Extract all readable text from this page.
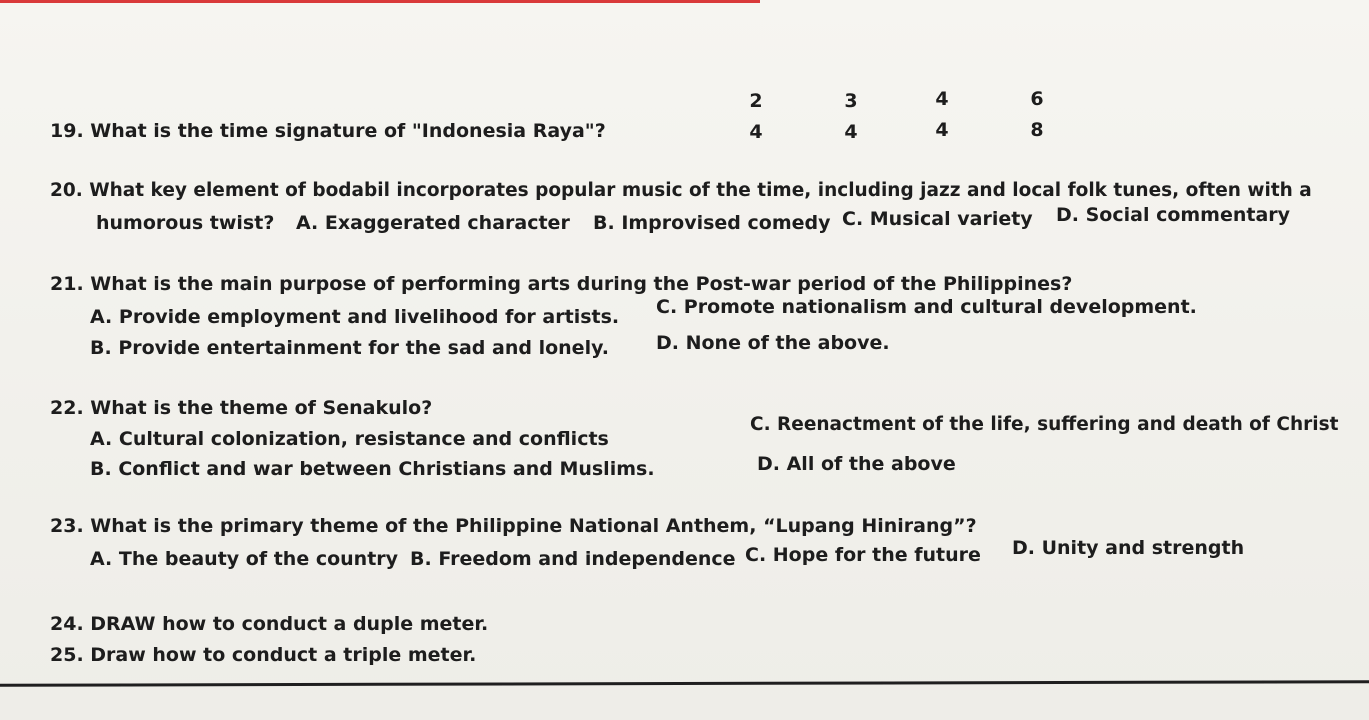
19. What is the time signature of "Indonesia Raya"?
2
4
3
4
4
4
6
8
20. What key element of bodabil incorporates popular music of the time, including jazz and local folk tunes, often with a
humorous twist? A. Exaggerated character B. Improvised comedy C. Musical variety D. Social commentary
21. What is the main purpose of performing arts during the Post-war period of the Philippines?
A. Provide employment and livelihood for artists.
B. Provide entertainment for the sad and lonely.
C. Promote nationalism and cultural development.
D. None of the above.
22. What is the theme of Senakulo?
A. Cultural colonization, resistance and conflicts
B. Conflict and war between Christians and Muslims.
C. Reenactment of the life, suffering and death of Christ
D. All of the above
23. What is the primary theme of the Philippine National Anthem, “Lupang Hinirang”?
A. The beauty of the country B. Freedom and independence C. Hope for the future D. Unity and strength
24. DRAW how to conduct a duple meter.
25. Draw how to conduct a triple meter.
